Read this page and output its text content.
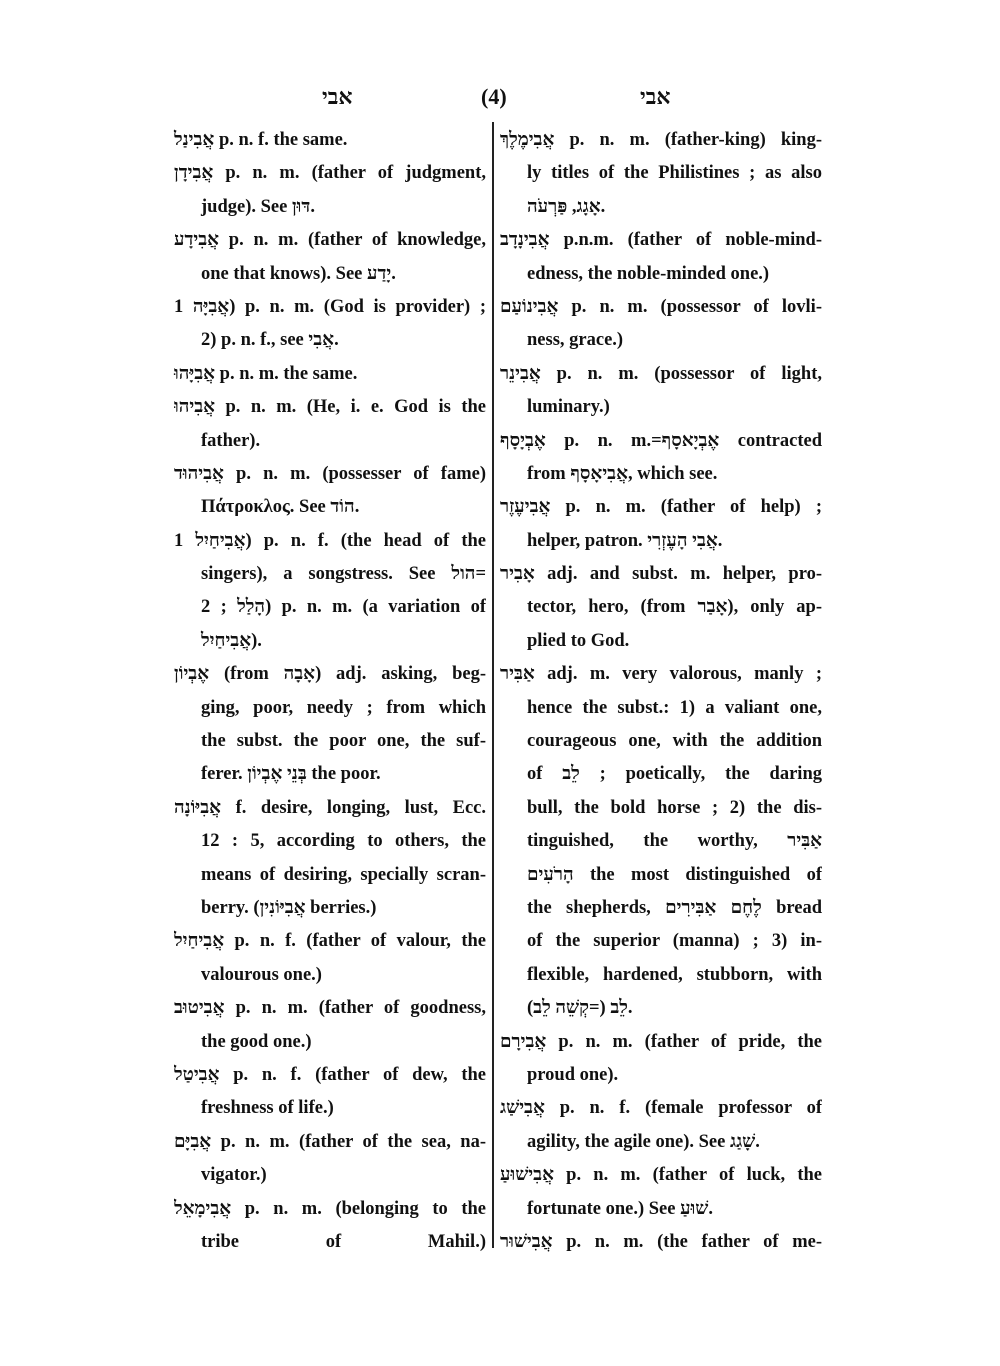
אבי	(4)	אבי
אֲבִינַל p. n. f. the same.
אֲבִידָן p. n. m. (father of judgment,
judge). See דּוּן.
אֲבִידָע p. n. m. (father of knowledge,
one that knows). See יָדַע.
אֲבִיָּה 1) p. n. m. (God is provider) ;
2) p. n. f., see אֲבִי.
אֲבִיָּהוּ p. n. m. the same.
אֲבִיהוּ p. n. m. (He, i. e. God is the
father).
אֲבִיהוּד p. n. m. (possesser of fame)
Πάτροκλος. See הוֹד.
אֲבִיחַיִל 1) p. n. f. (the head of the
singers), a songstress. See הול=
הָלַל ; 2) p. n. m. (a variation of
אֲבִיחַיִל).
אֶבְיוֹן (from אָבָה) adj. asking, beg-
ging, poor, needy ; from which
the subst. the poor one, the suf-
ferer. בְּנֵי אֶבְיוֹן the poor.
אֲבִיּוֹנָה f. desire, longing, lust, Ecc.
12 : 5, according to others, the
means of desiring, specially scran-
berry. (אֲבִיּוֹנִין berries.)
אֲבִיחַיִל p. n. f. (father of valour, the
valourous one.)
אֲבִיטוּב p. n. m. (father of goodness,
the good one.)
אֲבִיטַל p. n. f. (father of dew, the
freshness of life.)
אֲבִיָּם p. n. m. (father of the sea, na-
vigator.)
אֲבִימָאֵל p. n. m. (belonging to the
tribe of Mahil.)
אֲבִימֶלֶךְ p. n. m. (father-king) king-
ly titles of the Philistines ; as also
אָגָג, פַּרְעֹה.
אֲבִינָדָב p.n.m. (father of noble-mind-
edness, the noble-minded one.)
אֲבִינוֹעַם p. n. m. (possessor of lovli-
ness, grace.)
אֲבִינֵר p. n. m. (possessor of light,
luminary.)
אֶבְיָסָף p. n. m.=אֶבְיָאסָף contracted
from אֲבִיאָסָף, which see.
אֲבִיעֶזֶר p. n. m. (father of help) ;
helper, patron. אֲבִי הָעֶזְרִי.
אָבִיר adj. and subst. m. helper, pro-
tector, hero, (from אָבַר), only ap-
plied to God.
אַבִּיר adj. m. very valorous, manly ;
hence the subst.: 1) a valiant one,
courageous one, with the addition
of לֵב ; poetically, the daring
bull, the bold horse ; 2) the dis-
tinguished, the worthy, אַבִּיר
הָרֹעִים the most distinguished of
the shepherds, לֶחֶם אַבִּירִים bread
of the superior (manna) ; 3) in-
flexible, hardened, stubborn, with
לֵב (=קְשֵׁה לֵב).
אֲבִירָם p. n. m. (father of pride, the
proud one).
אֲבִישַׁג p. n. f. (female professor of
agility, the agile one). See שָׁגַג.
אֲבִישׁוּעַ p. n. m. (father of luck, the
fortunate one.) See שׁוּעַ.
אֲבִישׁוּר p. n. m. (the father of me-
